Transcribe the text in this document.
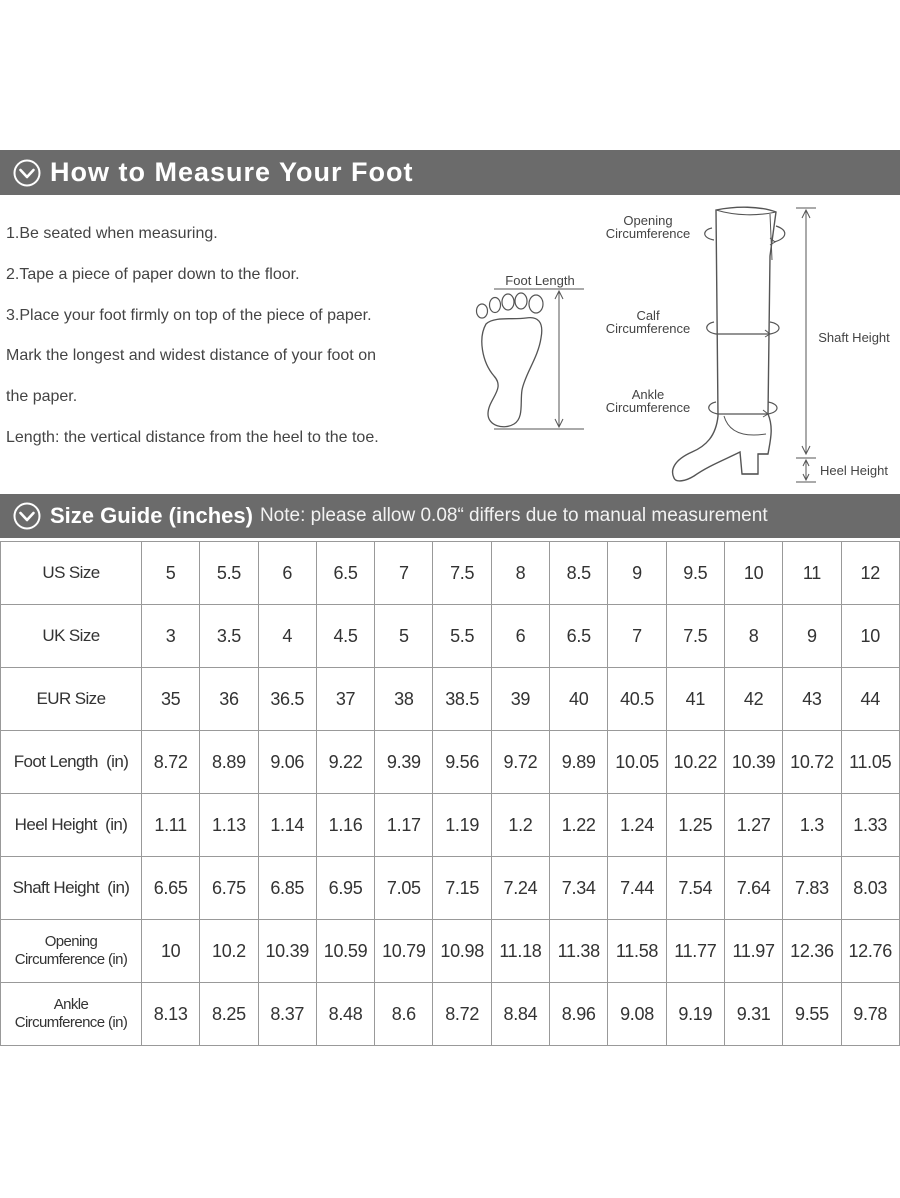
How to Measure Your Foot
1.Be seated when measuring.
2.Tape a piece of paper down to the floor.
3.Place your foot firmly on top of the piece of paper.
Mark the longest and widest distance of your foot on
the paper.
Length: the vertical distance from the heel to the toe.
Foot Length
Opening
Circumference
Calf
Circumference
Ankle
Circumference
Shaft Height
Heel Height
Size Guide (inches) Note: please allow 0.08“ differs due to manual measurement
US Size	5	5.5	6	6.5	7	7.5	8	8.5	9	9.5	10	11	12
UK Size	3	3.5	4	4.5	5	5.5	6	6.5	7	7.5	8	9	10
EUR Size	35	36	36.5	37	38	38.5	39	40	40.5	41	42	43	44
Foot Length  (in)	8.72	8.89	9.06	9.22	9.39	9.56	9.72	9.89	10.05	10.22	10.39	10.72	11.05
Heel Height  (in)	1.11	1.13	1.14	1.16	1.17	1.19	1.2	1.22	1.24	1.25	1.27	1.3	1.33
Shaft Height  (in)	6.65	6.75	6.85	6.95	7.05	7.15	7.24	7.34	7.44	7.54	7.64	7.83	8.03

Opening
Circumference (in)	10	10.2	10.39	10.59	10.79	10.98	11.18	11.38	11.58	11.77	11.97	12.36	12.76

Ankle
Circumference (in)	8.13	8.25	8.37	8.48	8.6	8.72	8.84	8.96	9.08	9.19	9.31	9.55	9.78
